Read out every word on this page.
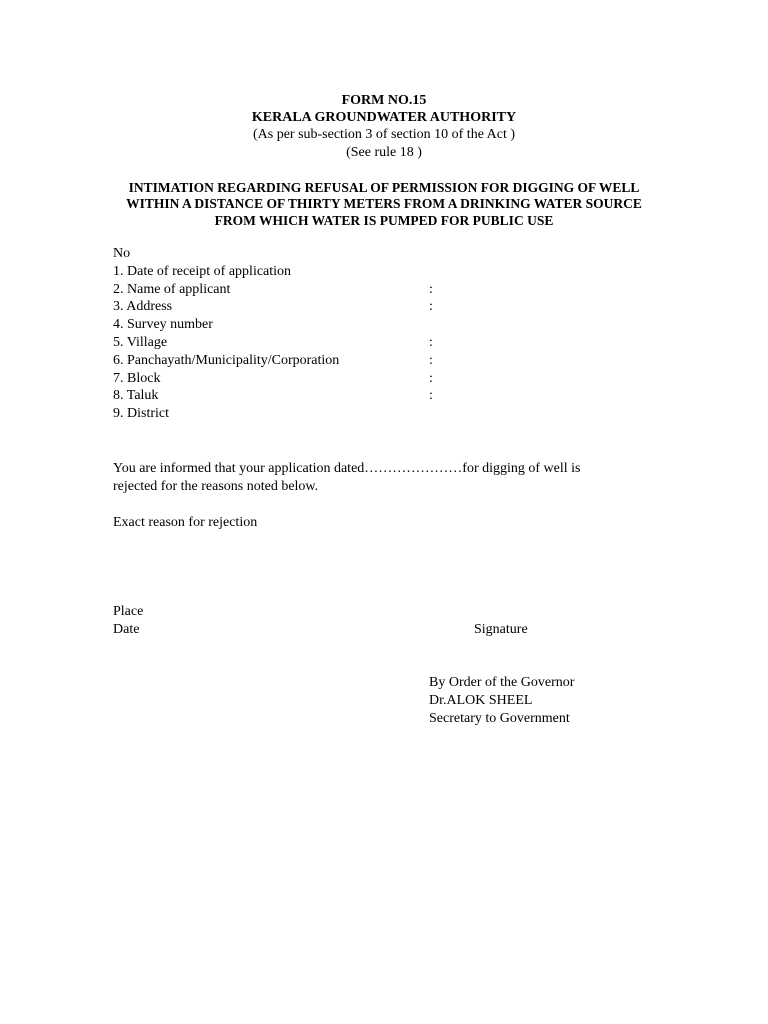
FORM NO.15
KERALA GROUNDWATER AUTHORITY
(As per sub-section 3 of section 10 of the Act )
(See rule 18 )
INTIMATION REGARDING REFUSAL OF PERMISSION FOR DIGGING OF WELL
WITHIN A DISTANCE OF THIRTY METERS FROM A DRINKING WATER SOURCE
FROM WHICH WATER IS PUMPED FOR PUBLIC USE
No
1. Date of receipt of application
2. Name of applicant	:
3. Address	:
4. Survey number
5. Village	:
6. Panchayath/Municipality/Corporation	:
7. Block	:
8. Taluk	:
9. District
You are informed that your application dated…………………for digging of well is
rejected for the reasons noted below.
Exact reason for rejection
Place
Date	Signature
By Order of the Governor
Dr.ALOK SHEEL
Secretary to Government
